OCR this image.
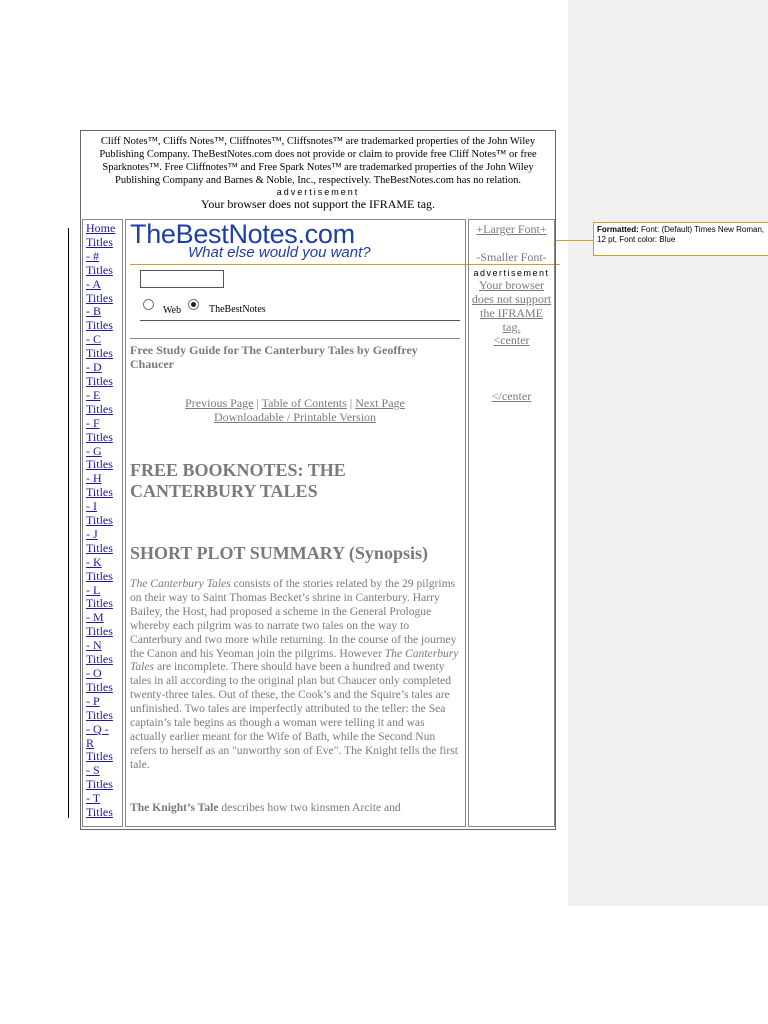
Formatted: Font: (Default) Times New Roman, 12 pt, Font color: Blue
Cliff Notes™, Cliffs Notes™, Cliffnotes™, Cliffsnotes™ are trademarked properties of the John Wiley Publishing Company. TheBestNotes.com does not provide or claim to provide free Cliff Notes™ or free Sparknotes™. Free Cliffnotes™ and Free Spark Notes™ are trademarked properties of the John Wiley Publishing Company and Barnes & Noble, Inc., respectively. TheBestNotes.com has no relation.
advertisement
Your browser does not support the IFRAME tag.
Home
Titles
- #
Titles
- A
Titles
- B
Titles
- C
Titles
- D
Titles
- E
Titles
- F
Titles
- G
Titles
- H
Titles
- I
Titles
- J
Titles
- K
Titles
- L
Titles
- M
Titles
- N
Titles
- O
Titles
- P
Titles
- Q -
R
Titles
- S
Titles
- T
Titles
TheBestNotes.com
What else would you want?
Web	TheBestNotes
Free Study Guide for The Canterbury Tales by Geoffrey Chaucer
Previous Page | Table of Contents | Next Page
Downloadable / Printable Version
FREE BOOKNOTES: THE CANTERBURY TALES
SHORT PLOT SUMMARY (Synopsis)
The Canterbury Tales consists of the stories related by the 29 pilgrims on their way to Saint Thomas Becket’s shrine in Canterbury. Harry Bailey, the Host, had proposed a scheme in the General Prologue whereby each pilgrim was to narrate two tales on the way to Canterbury and two more while returning. In the course of the journey the Canon and his Yeoman join the pilgrims. However The Canterbury Tales are incomplete. There should have been a hundred and twenty tales in all according to the original plan but Chaucer only completed twenty-three tales. Out of these, the Cook’s and the Squire’s tales are unfinished. Two tales are imperfectly attributed to the teller: the Sea captain’s tale begins as though a woman were telling it and was actually earlier meant for the Wife of Bath, while the Second Nun refers to herself as an "unworthy son of Eve". The Knight tells the first tale.
The Knight’s Tale describes how two kinsmen Arcite and
+Larger Font+
-Smaller Font-
advertisement
Your browser does not support the IFRAME tag.
<center
</center
